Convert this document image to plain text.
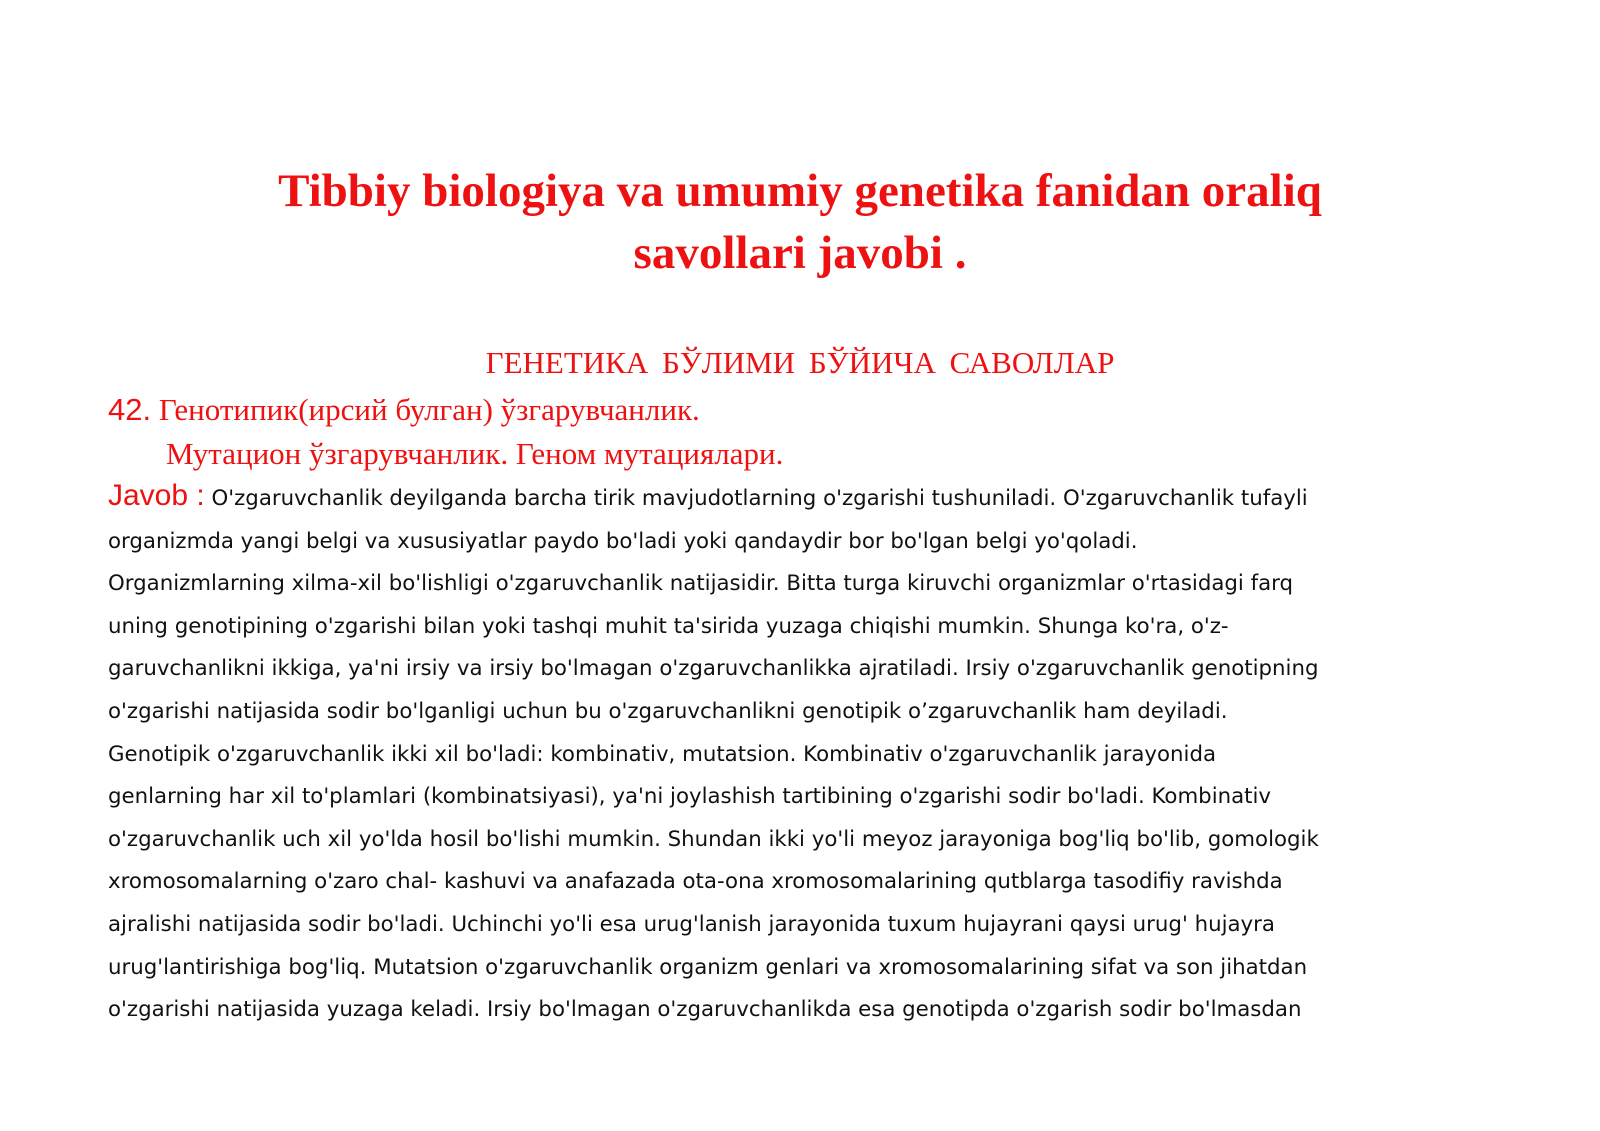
Tibbiy biologiya va umumiy genetika fanidan oraliq
savollari javobi .
ГЕНЕТИКА БЎЛИМИ БЎЙИЧА САВОЛЛАР
42. Генотипик(ирсий булган) ўзгарувчанлик.
Мутацион ўзгарувчанлик. Геном мутациялари.
Javob : O'zgaruvchanlik deyilganda barcha tirik mavjudotlarning o'zgarishi tushuniladi. O'zgaruvchanlik tufayli
organizmda yangi belgi va xususiyatlar paydo bo'ladi yoki qandaydir bor bo'lgan belgi yo'qoladi.
Organizmlarning xilma-xil bo'lishligi o'zgaruvchanlik natijasidir. Bitta turga kiruvchi organizmlar o'rtasidagi farq
uning genotipining o'zgarishi bilan yoki tashqi muhit ta'sirida yuzaga chiqishi mumkin. Shunga ko'ra, o'z-
garuvchanlikni ikkiga, ya'ni irsiy va irsiy bo'lmagan o'zgaruvchanlikka ajratiladi. Irsiy o'zgaruvchanlik genotipning
o'zgarishi natijasida sodir bo'lganligi uchun bu o'zgaruvchanlikni genotipik o’zgaruvchanlik ham deyiladi.
Genotipik o'zgaruvchanlik ikki xil bo'ladi: kombinativ, mutatsion. Kombinativ o'zgaruvchanlik jarayonida
genlarning har xil to'plamlari (kombinatsiyasi), ya'ni joylashish tartibining o'zgarishi sodir bo'ladi. Kombinativ
o'zgaruvchanlik uch xil yo'lda hosil bo'lishi mumkin. Shundan ikki yo'li meyoz jarayoniga bog'liq bo'lib, gomologik
xromosomalarning o'zaro chal- kashuvi va anafazada ota-ona xromosomalarining qutblarga tasodifiy ravishda
ajralishi natijasida sodir bo'ladi. Uchinchi yo'li esa urug'lanish jarayonida tuxum hujayrani qaysi urug' hujayra
urug'lantirishiga bog'liq. Mutatsion o'zgaruvchanlik organizm genlari va xromosomalarining sifat va son jihatdan
o'zgarishi natijasida yuzaga keladi. Irsiy bo'lmagan o'zgaruvchanlikda esa genotipda o'zgarish sodir bo'lmasdan
